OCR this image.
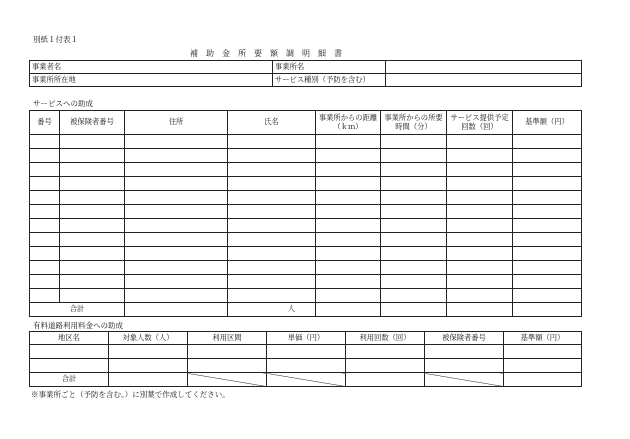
別紙１付表１
補　助　金　所　要　額　調　明　細　書
事業者名	事業所名	
事業所所在地	サービス種別（予防を含む）	
サービスへの助成
番号	被保険者番号	住所	氏名	事業所からの距離（ｋｍ）	事業所からの所要時間（分）	サービス提供予定回数（回）	基準額（円）

合計			人				
有料道路利用料金への助成
地区名	対象人数（人）	利用区間	単価（円）	利用回数（回）	被保険者番号	基準額（円）

合計						
※事業所ごと（予防を含む。）に別葉で作成してください。
